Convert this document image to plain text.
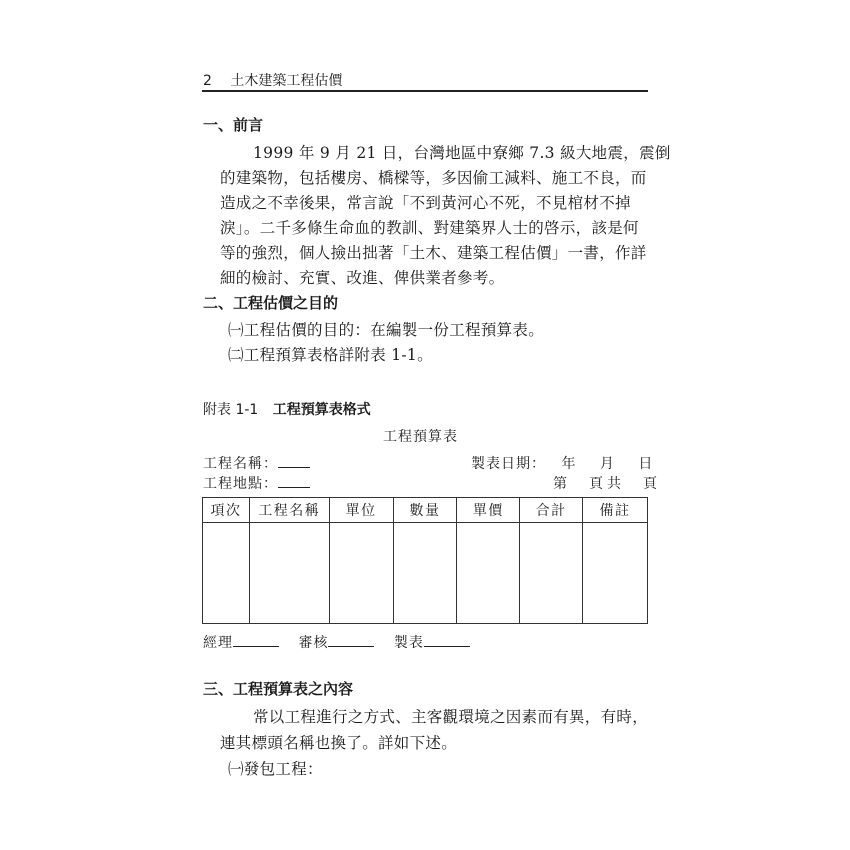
2 土木建築工程估價
一、前言
1999 年 9 月 21 日，台灣地區中寮鄉 7.3 級大地震，震倒
的建築物，包括樓房、橋樑等，多因偷工減料、施工不良，而
造成之不幸後果，常言說「不到黃河心不死，不見棺材不掉
淚」。二千多條生命血的教訓、對建築界人士的啓示，該是何
等的強烈，個人撿出拙著「土木、建築工程估價」一書，作詳
細的檢討、充實、改進、俾供業者參考。
二、工程估價之目的
㈠工程估價的目的：在編製一份工程預算表。
㈡工程預算表格詳附表 1-1。
附表 1-1 工程預算表格式
工程預算表
工程名稱：
工程地點：
製表日期： 年 月 日
第　頁共　頁
項次	工程名稱	單位	數量	單價	合計	備註

經理	審核	製表
三、工程預算表之內容
常以工程進行之方式、主客觀環境之因素而有異，有時，
連其標頭名稱也換了。詳如下述。
㈠發包工程：
